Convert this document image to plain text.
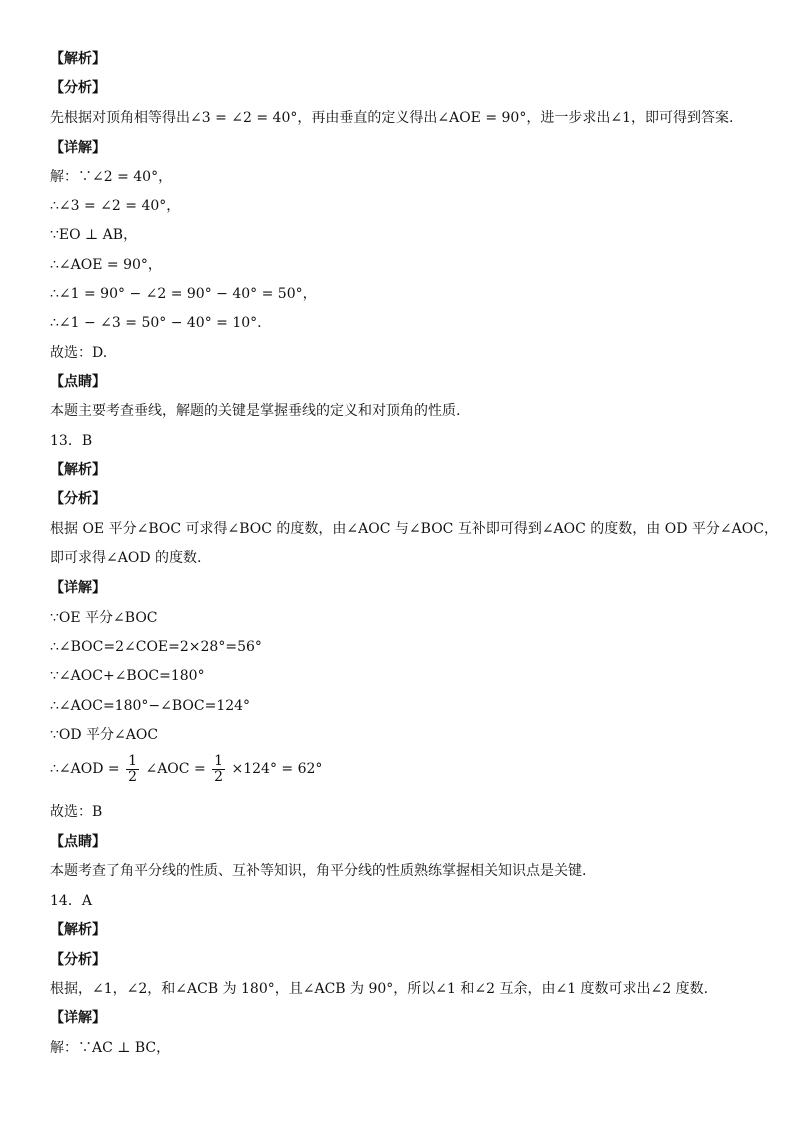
【解析】
【分析】
先根据对顶角相等得出∠3 = ∠2 = 40°，再由垂直的定义得出∠AOE = 90°，进一步求出∠1，即可得到答案.
【详解】
解：∵∠2 = 40°，
∴∠3 = ∠2 = 40°，
∵EO ⊥ AB，
∴∠AOE = 90°，
∴∠1 = 90° − ∠2 = 90° − 40° = 50°，
∴∠1 − ∠3 = 50° − 40° = 10°.
故选：D.
【点睛】
本题主要考查垂线，解题的关键是掌握垂线的定义和对顶角的性质.
13．B
【解析】
【分析】
根据 OE 平分∠BOC 可求得∠BOC 的度数，由∠AOC 与∠BOC 互补即可得到∠AOC 的度数，由 OD 平分∠AOC，
即可求得∠AOD 的度数.
【详解】
∵OE 平分∠BOC
∴∠BOC=2∠COE=2×28°=56°
∵∠AOC+∠BOC=180°
∴∠AOC=180°−∠BOC=124°
∵OD 平分∠AOC
∴∠AOD = $\frac{1}{2}$ ∠AOC = $\frac{1}{2} \times 124^\circ = 62^\circ$
故选：B
【点睛】
本题考查了角平分线的性质、互补等知识，角平分线的性质熟练掌握相关知识点是关键.
14．A
【解析】
【分析】
根据，∠1，∠2，和∠ACB 为 180°，且∠ACB 为 90°，所以∠1 和∠2 互余，由∠1 度数可求出∠2 度数.
【详解】
解：∵AC ⊥ BC，
